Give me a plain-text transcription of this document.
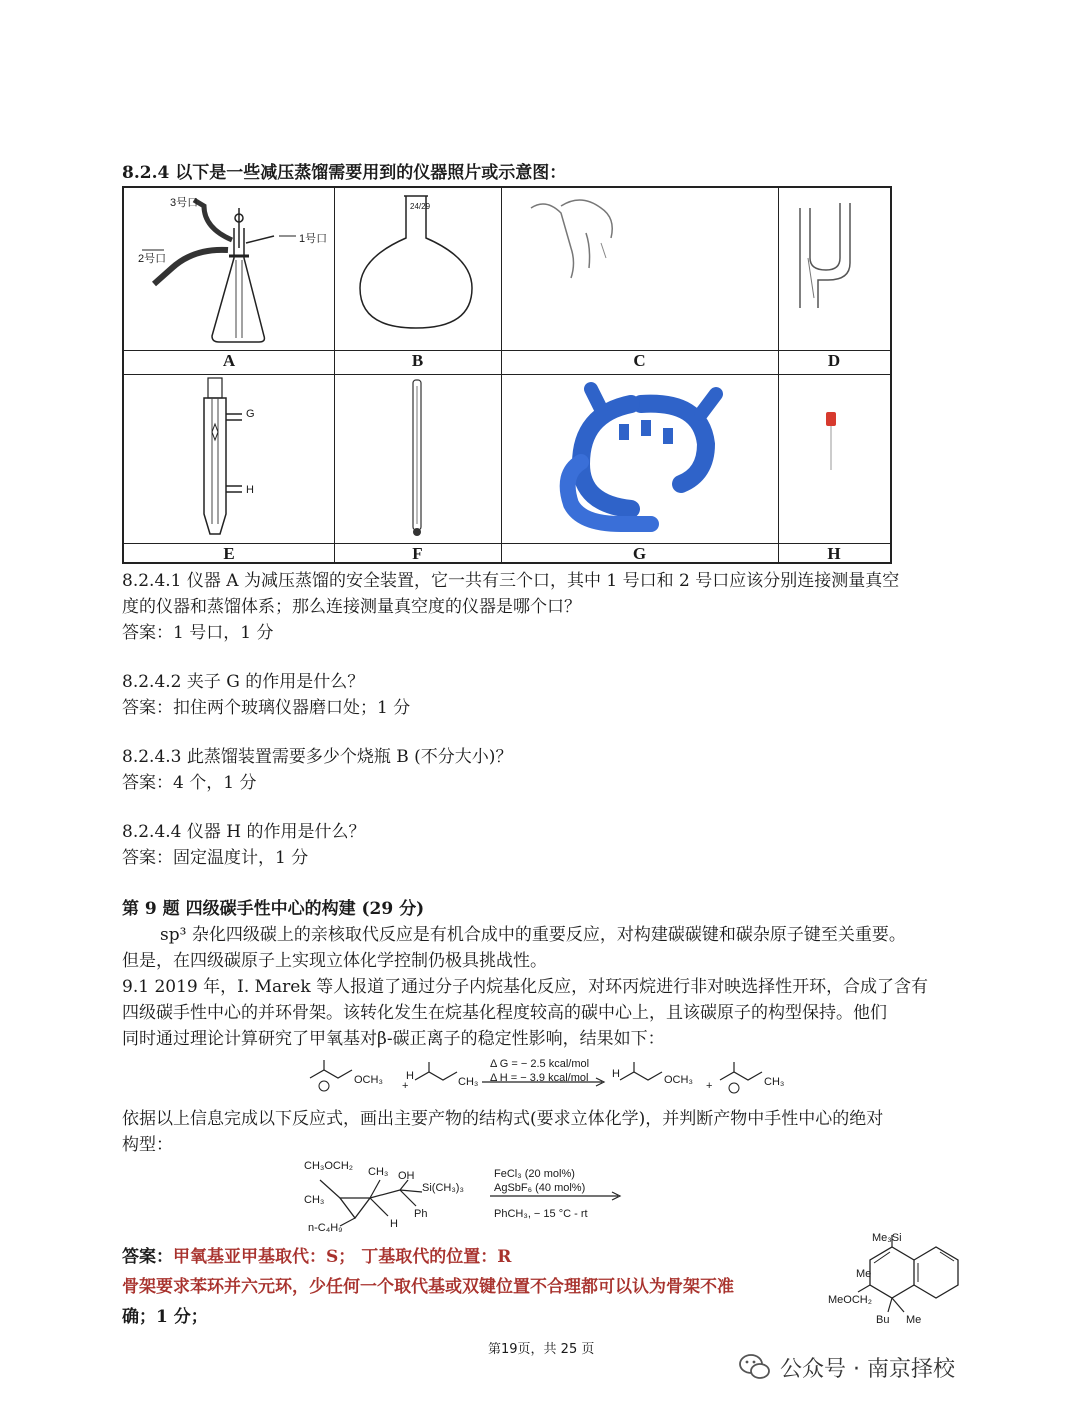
8.2.4 以下是一些减压蒸馏需要用到的仪器照片或示意图：
A	B	C	D
E	F	G	H
3号口
2号口
1号口
24/29
G
H
8.2.4.1 仪器 A 为减压蒸馏的安全装置，它一共有三个口，其中 1 号口和 2 号口应该分别连接测量真空
度的仪器和蒸馏体系；那么连接测量真空度的仪器是哪个口？
答案：1 号口，1 分
8.2.4.2 夹子 G 的作用是什么？
答案：扣住两个玻璃仪器磨口处；1 分
8.2.4.3 此蒸馏装置需要多少个烧瓶 B (不分大小)？
答案：4 个，1 分
8.2.4.4 仪器 H 的作用是什么？
答案：固定温度计，1 分
第 9 题 四级碳手性中心的构建 (29 分)
sp³ 杂化四级碳上的亲核取代反应是有机合成中的重要反应，对构建碳碳键和碳杂原子键至关重要。
但是，在四级碳原子上实现立体化学控制仍极具挑战性。
9.1 2019 年，I. Marek 等人报道了通过分子内烷基化反应，对环丙烷进行非对映选择性开环，合成了含有
四级碳手性中心的并环骨架。该转化发生在烷基化程度较高的碳中心上，且该碳原子的构型保持。他们
同时通过理论计算研究了甲氧基对β-碳正离子的稳定性影响，结果如下：
OCH₃ +
H	CH₃
Δ G = − 2.5 kcal/mol
Δ H = − 3.9 kcal/mol H	OCH₃ +	CH₃
依据以上信息完成以下反应式，画出主要产物的结构式(要求立体化学)，并判断产物中手性中心的绝对
构型：
CH₃OCH₂ CH₃ OH
Si(CH₃)₃
CH₃
Ph
n-C₄H₉	H
FeCl₃ (20 mol%)
AgSbF₆ (40 mol%)
PhCH₃, − 15 °C - rt
答案：甲氧基亚甲基取代：S； 丁基取代的位置：R
骨架要求苯环并六元环，少任何一个取代基或双键位置不合理都可以认为骨架不准
确；1 分；
Me₃Si
Me
MeOCH₂
Bu Me
第19页，共 25 页
公众号 · 南京择校
